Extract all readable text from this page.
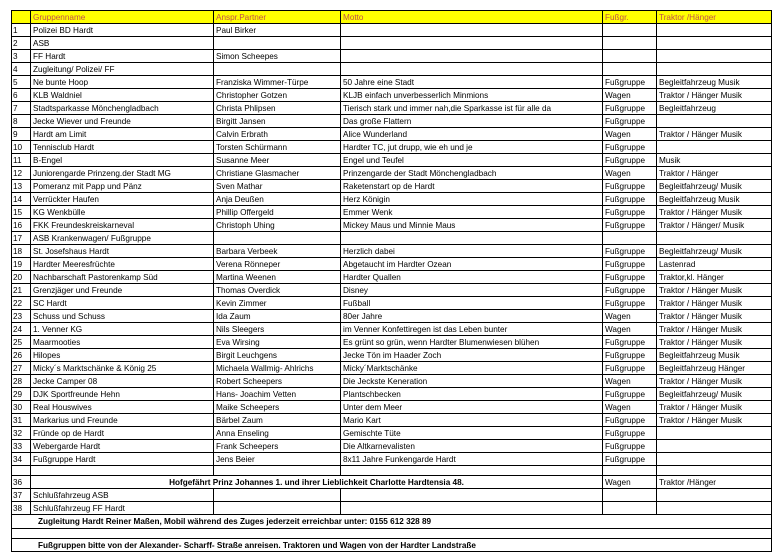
	Gruppenname	Anspr.Partner	Motto	Fußgr.	Traktor /Hänger
1	Polizei BD Hardt	Paul Birker			
2	ASB				
3	FF Hardt	Simon Scheepes			
4	Zugleitung/ Polizei/ FF				
5	Ne bunte Hoop	Franziska Wimmer-Türpe	50 Jahre eine Stadt	Fußgruppe	Begleitfahrzeug Musik
6	KLB Waldniel	Christopher Gotzen	KLJB einfach unverbesserlich Minmions	Wagen	Traktor / Hänger Musik
7	Stadtsparkasse Mönchengladbach	Christa Phlipsen	Tierisch stark und immer nah,die Sparkasse ist für alle da	Fußgruppe	Begleitfahrzeug
8	Jecke Wiever und Freunde	Birgitt Jansen	Das große Flattern	Fußgruppe	
9	Hardt am Limit	Calvin Erbrath	Alice Wunderland	Wagen	Traktor / Hänger Musik
10	Tennisclub Hardt	Torsten Schürmann	Hardter TC, jut drupp, wie eh und je	Fußgruppe	
11	B-Engel	Susanne Meer	Engel und Teufel	Fußgruppe	Musik
12	Juniorengarde Prinzeng.der Stadt MG	Christiane Glasmacher	Prinzengarde der Stadt Mönchengladbach	Wagen	Traktor / Hänger
13	Pomeranz mit Papp und Pänz	Sven Mathar	Raketenstart op de Hardt	Fußgruppe	Begleitfahrzeug/ Musik
14	Verrückter Haufen	Anja Deußen	Herz Königin	Fußgruppe	Begleitfahrzeug Musik
15	KG Wenkbülle	Phillip Offergeld	Emmer Wenk	Fußgruppe	Traktor / Hänger Musik
16	FKK Freundeskreiskarneval	Christoph Uhing	Mickey Maus und Minnie Maus	Fußgruppe	Traktor / Hänger/ Musik
17	ASB Krankenwagen/ Fußgruppe				
18	St. Josefshaus Hardt	Barbara Verbeek	Herzlich dabei	Fußgruppe	Begleitfahrzeug/ Musik
19	Hardter Meeresfrüchte	Verena Rönneper	Abgetaucht im Hardter Ozean	Fußgruppe	Lastenrad
20	Nachbarschaft Pastorenkamp Süd	Martina Weenen	Hardter Quallen	Fußgruppe	Traktor,kl. Hänger
21	Grenzjäger und Freunde	Thomas Overdick	Disney	Fußgruppe	Traktor / Hänger Musik
22	SC Hardt	Kevin Zimmer	Fußball	Fußgruppe	Traktor / Hänger Musik
23	Schuss und Schuss	Ida Zaum	80er Jahre	Wagen	Traktor / Hänger Musik
24	1. Venner KG	Nils Sleegers	im Venner Konfettiregen ist das Leben bunter	Wagen	Traktor / Hänger Musik
25	Maarmooties	Eva Wirsing	Es grünt so grün, wenn Hardter Blumenwiesen blühen	Fußgruppe	Traktor / Hänger Musik
26	Hilopes	Birgit Leuchgens	Jecke Tön im Haader Zoch	Fußgruppe	Begleitfahrzeug Musik
27	Micky´s Marktschänke & König 25	Michaela Wallmig- Ahlrichs	Micky´Marktschänke	Fußgruppe	Begleitfahrzeug Hänger
28	Jecke Camper 08	Robert Scheepers	Die Jeckste Keneration	Wagen	Traktor / Hänger Musik
29	DJK Sportfreunde Hehn	Hans- Joachim Vetten	Plantschbecken	Fußgruppe	Begleitfahrzeug/ Musik
30	Real Houswives	Maike Scheepers	Unter dem Meer	Wagen	Traktor / Hänger Musik
31	Markarius und Freunde	Bärbel Zaum	Mario Kart	Fußgruppe	Traktor / Hänger Musik
32	Fründe op de Hardt	Anna Enseling	Gemischte Tüte	Fußgruppe	
33	Webergarde Hardt	Frank Scheepers	Die Altkarnevalisten	Fußgruppe	
34	Fußgruppe Hardt	Jens Beier	8x11 Jahre Funkengarde Hardt	Fußgruppe	

36	Hofgefährt Prinz Johannes 1. und ihrer Lieblichkeit Charlotte Hardtensia 48.			Wagen	Traktor /Hänger
37	Schlußfahrzeug ASB				
38	Schlußfahrzeug FF Hardt				
Zugleitung Hardt Reiner Maßen, Mobil während des Zuges jederzeit erreichbar unter: 0155 612 328 89					

Fußgruppen bitte von der Alexander- Scharff- Straße anreisen. Traktoren und Wagen von der Hardter Landstraße					
